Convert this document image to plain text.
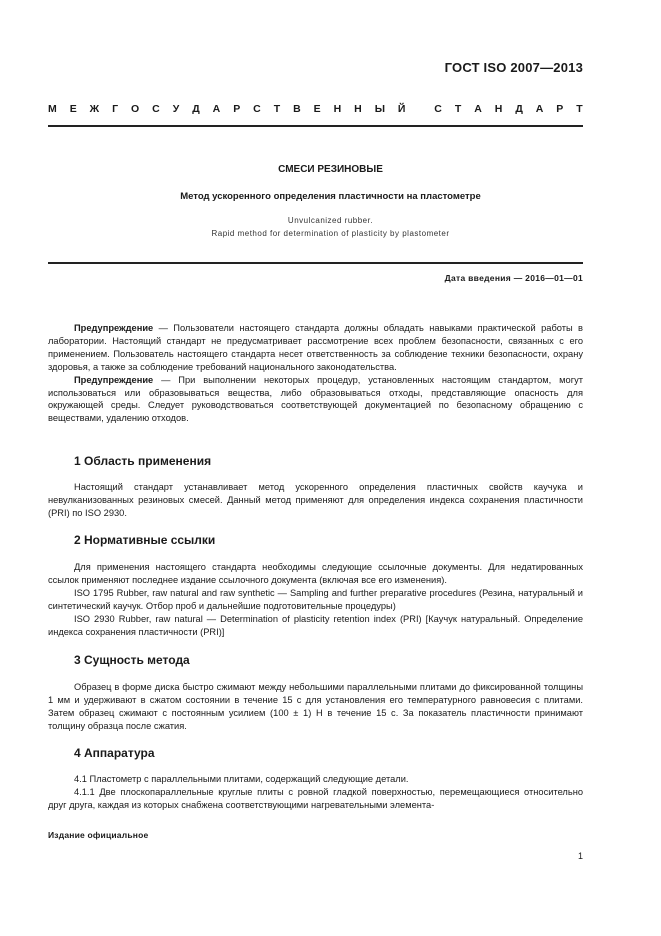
ГОСТ ISO 2007—2013
М Е Ж Г О С У Д А Р С Т В Е Н Н Ы Й
	С Т А Н Д А Р Т
СМЕСИ РЕЗИНОВЫЕ
Метод ускоренного определения пластичности на пластометре
Unvulcanized rubber.
Rapid method for determination of plasticity by plastometer
Дата введения — 2016—01—01

Предупреждение — Пользователи настоящего стандарта должны обладать навыками практической работы в лаборатории. Настоящий стандарт не предусматривает рассмотрение всех проблем безопасности, связанных с его применением. Пользователь настоящего стандарта несет ответственность за соблюдение техники безопасности, охрану здоровья, а также за соблюдение требований национального законодательства.

Предупреждение — При выполнении некоторых процедур, установленных настоящим стандартом, могут использоваться или образовываться вещества, либо образовываться отходы, представляющие опасность для окружающей среды. Следует руководствоваться соответствующей документацией по безопасному обращению с веществами, удалению отходов.

1 Область применения

Настоящий стандарт устанавливает метод ускоренного определения пластичных свойств каучука и невулканизованных резиновых смесей. Данный метод применяют для определения индекса сохранения пластичности (PRI) по ISO 2930.

2 Нормативные ссылки

Для применения настоящего стандарта необходимы следующие ссылочные документы. Для недатированных ссылок применяют последнее издание ссылочного документа (включая все его изменения).

ISO 1795 Rubber, raw natural and raw synthetic — Sampling and further preparative procedures (Резина, натуральный и синтетический каучук. Отбор проб и дальнейшие подготовительные процедуры)

ISO 2930 Rubber, raw natural — Determination of plasticity retention index (PRI) [Каучук натуральный. Определение индекса сохранения пластичности (PRI)]

3 Сущность метода

Образец в форме диска быстро сжимают между небольшими параллельными плитами до фиксированной толщины 1 мм и удерживают в сжатом состоянии в течение 15 с для установления его температурного равновесия с плитами. Затем образец сжимают с постоянным усилием (100 ± 1) Н в течение 15 с. За показатель пластичности принимают толщину образца после сжатия.

4 Аппаратура

4.1 Пластометр с параллельными плитами, содержащий следующие детали.

4.1.1 Две плоскопараллельные круглые плиты с ровной гладкой поверхностью, перемещающиеся относительно друг друга, каждая из которых снабжена соответствующими нагревательными элемента-

Издание официальное
1
